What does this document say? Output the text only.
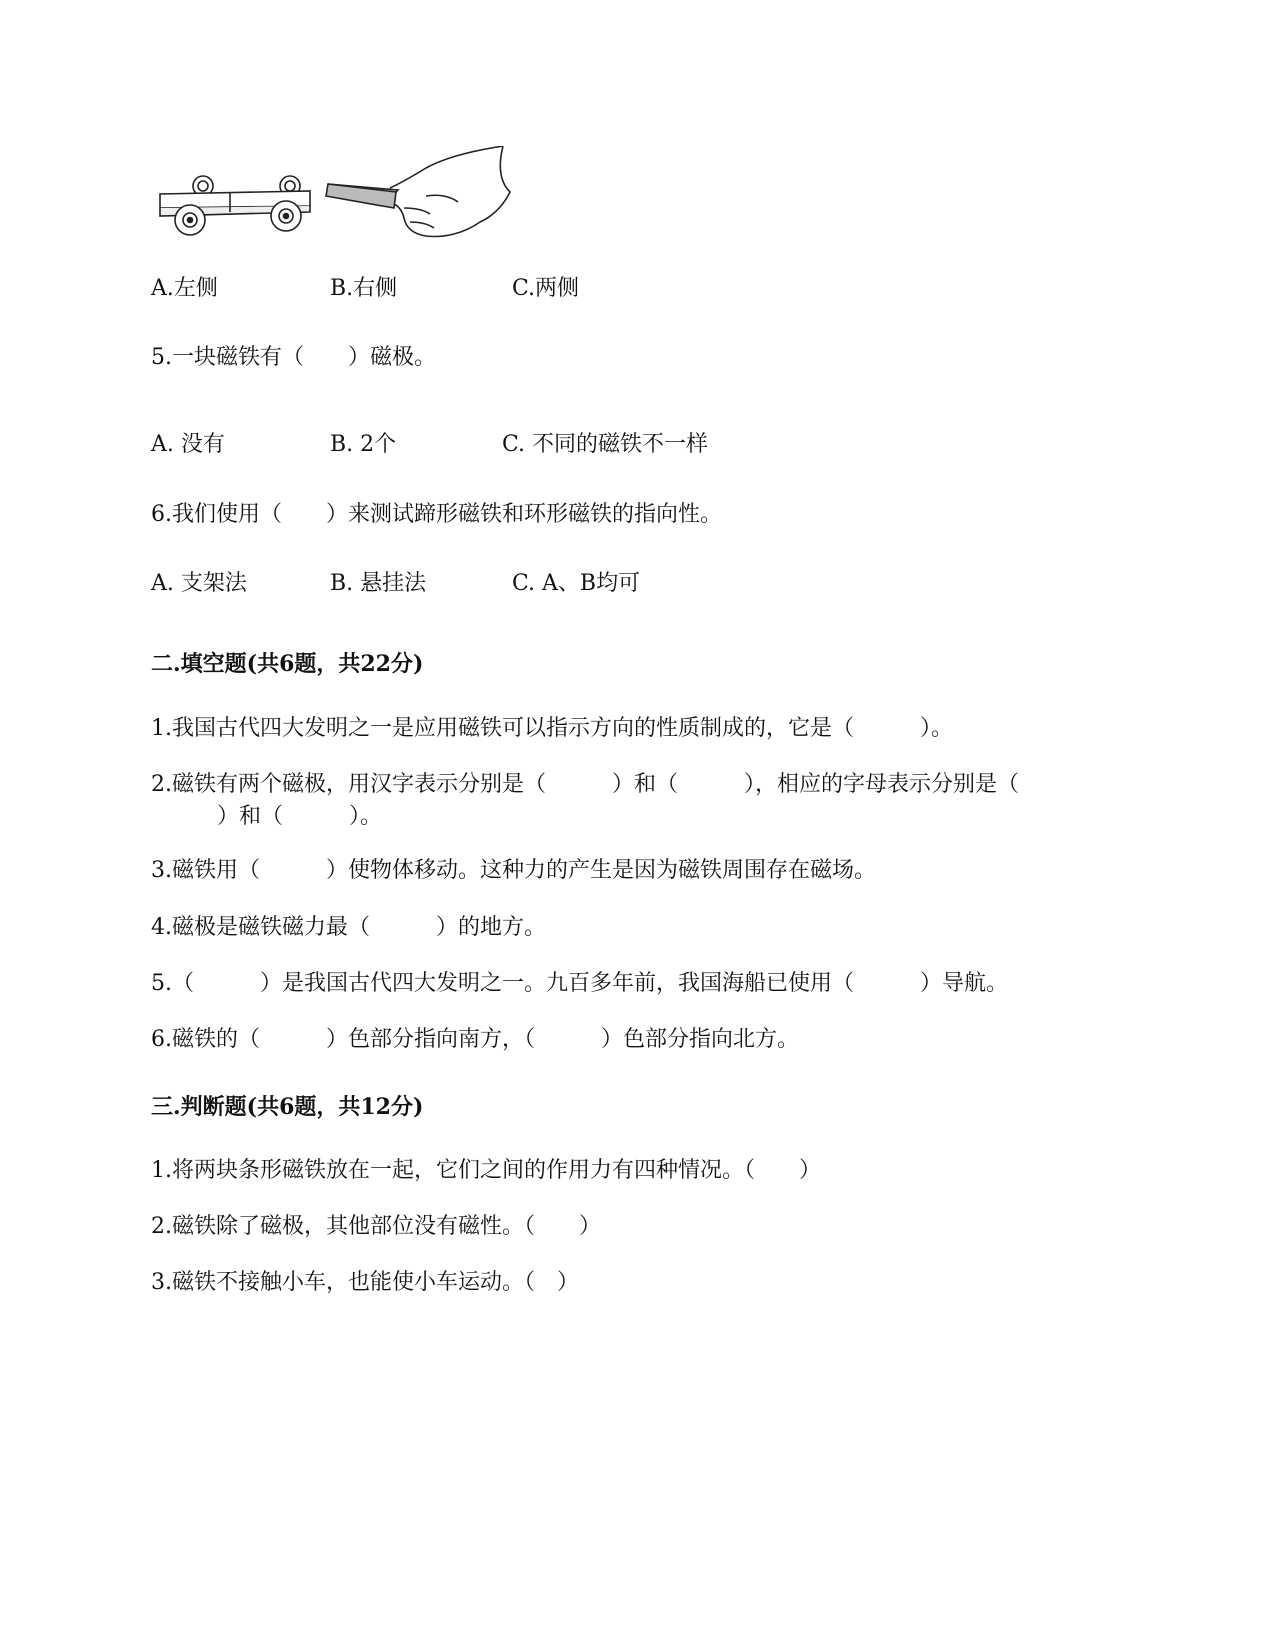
A.左侧	B.右侧	C.两侧
5.一块磁铁有（　　）磁极。
A. 没有	B. 2个	C. 不同的磁铁不一样
6.我们使用（　　）来测试蹄形磁铁和环形磁铁的指向性。
A. 支架法	B. 悬挂法	C. A、B均可
二.填空题(共6题，共22分)
1.我国古代四大发明之一是应用磁铁可以指示方向的性质制成的，它是（　　　）。
2.磁铁有两个磁极，用汉字表示分别是（　　　）和（　　　），相应的字母表示分别是（
　　　）和（　　　）。
3.磁铁用（　　　）使物体移动。这种力的产生是因为磁铁周围存在磁场。
4.磁极是磁铁磁力最（　　　）的地方。
5.（　　　）是我国古代四大发明之一。九百多年前，我国海船已使用（　　　）导航。
6.磁铁的（　　　）色部分指向南方，（　　　）色部分指向北方。
三.判断题(共6题，共12分)
1.将两块条形磁铁放在一起，它们之间的作用力有四种情况。（　　）
2.磁铁除了磁极，其他部位没有磁性。（　　）
3.磁铁不接触小车，也能使小车运动。（　）
